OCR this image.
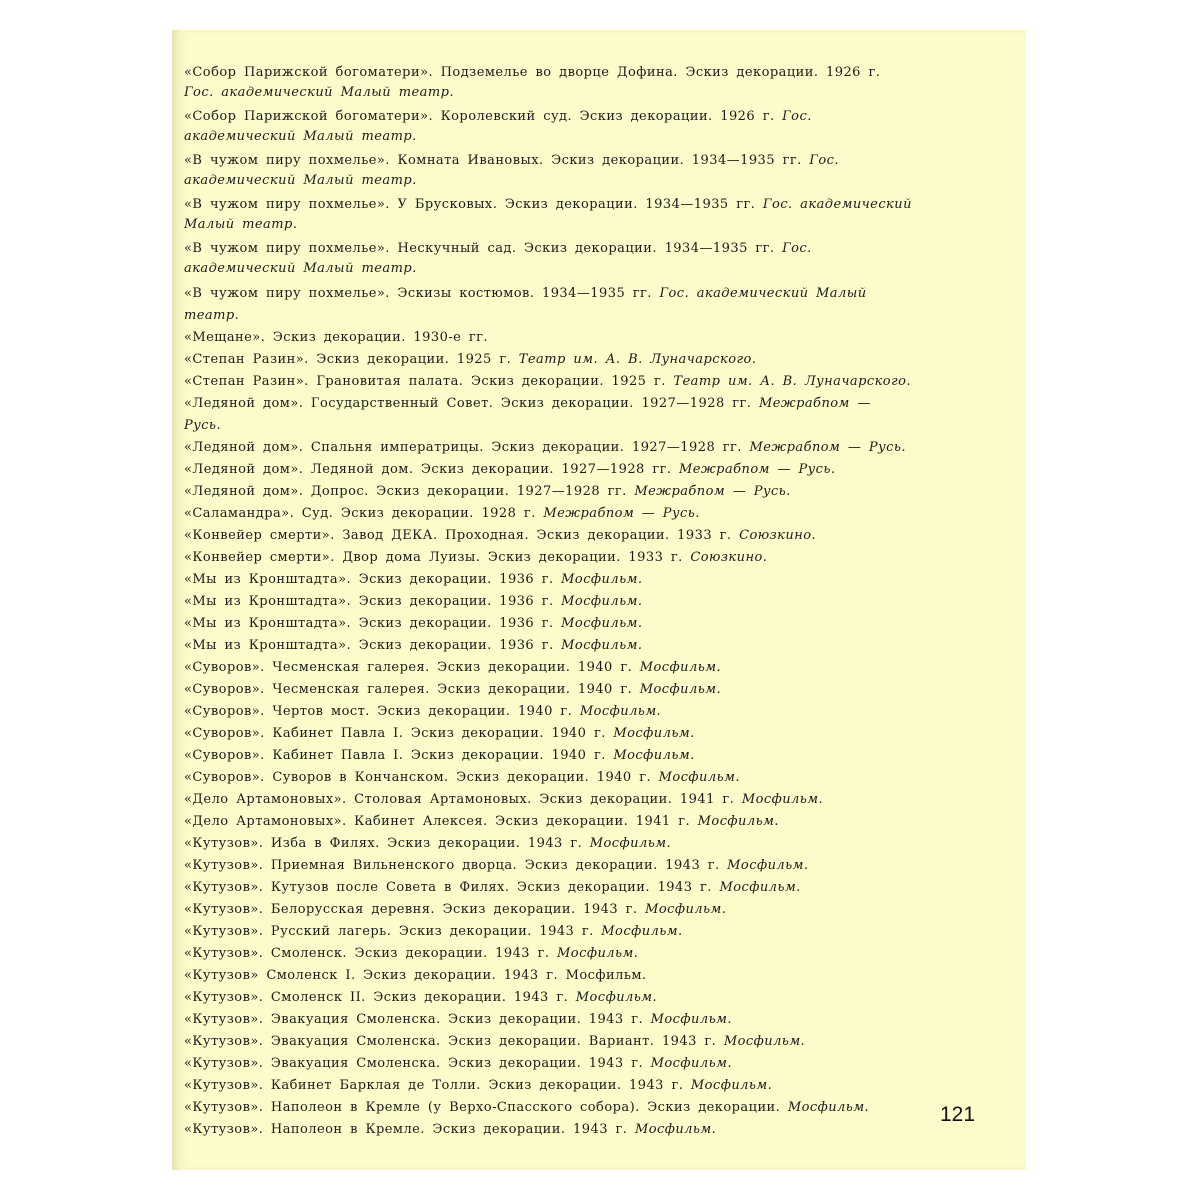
«Собор Парижской богоматери». Подземелье во дворце Дофина. Эскиз декорации. 1926 г. Гос. академический Малый театр.
«Собор Парижской богоматери». Королевский суд. Эскиз декорации. 1926 г. Гос. академический Малый театр.
«В чужом пиру похмелье». Комната Ивановых. Эскиз декорации. 1934—1935 гг. Гос. академический Малый театр.
«В чужом пиру похмелье». У Брусковых. Эскиз декорации. 1934—1935 гг. Гос. академический Малый театр.
«В чужом пиру похмелье». Нескучный сад. Эскиз декорации. 1934—1935 гг. Гос. академический Малый театр.
«В чужом пиру похмелье». Эскизы костюмов. 1934—1935 гг. Гос. академический Малый театр.
«Мещане». Эскиз декорации. 1930-е гг.
«Степан Разин». Эскиз декорации. 1925 г. Театр им. А. В. Луначарского.
«Степан Разин». Грановитая палата. Эскиз декорации. 1925 г. Театр им. А. В. Луначарского.
«Ледяной дом». Государственный Совет. Эскиз декорации. 1927—1928 гг. Межрабпом — Русь.
«Ледяной дом». Спальня императрицы. Эскиз декорации. 1927—1928 гг. Межрабпом — Русь.
«Ледяной дом». Ледяной дом. Эскиз декорации. 1927—1928 гг. Межрабпом — Русь.
«Ледяной дом». Допрос. Эскиз декорации. 1927—1928 гг. Межрабпом — Русь.
«Саламандра». Суд. Эскиз декорации. 1928 г. Межрабпом — Русь.
«Конвейер смерти». Завод ДЕКА. Проходная. Эскиз декорации. 1933 г. Союзкино.
«Конвейер смерти». Двор дома Луизы. Эскиз декорации. 1933 г. Союзкино.
«Мы из Кронштадта». Эскиз декорации. 1936 г. Мосфильм.
«Мы из Кронштадта». Эскиз декорации. 1936 г. Мосфильм.
«Мы из Кронштадта». Эскиз декорации. 1936 г. Мосфильм.
«Мы из Кронштадта». Эскиз декорации. 1936 г. Мосфильм.
«Суворов». Чесменская галерея. Эскиз декорации. 1940 г. Мосфильм.
«Суворов». Чесменская галерея. Эскиз декорации. 1940 г. Мосфильм.
«Суворов». Чертов мост. Эскиз декорации. 1940 г. Мосфильм.
«Суворов». Кабинет Павла I. Эскиз декорации. 1940 г. Мосфильм.
«Суворов». Кабинет Павла I. Эскиз декорации. 1940 г. Мосфильм.
«Суворов». Суворов в Кончанском. Эскиз декорации. 1940 г. Мосфильм.
«Дело Артамоновых». Столовая Артамоновых. Эскиз декорации. 1941 г. Мосфильм.
«Дело Артамоновых». Кабинет Алексея. Эскиз декорации. 1941 г. Мосфильм.
«Кутузов». Изба в Филях. Эскиз декорации. 1943 г. Мосфильм.
«Кутузов». Приемная Вильненского дворца. Эскиз декорации. 1943 г. Мосфильм.
«Кутузов». Кутузов после Совета в Филях. Эскиз декорации. 1943 г. Мосфильм.
«Кутузов». Белорусская деревня. Эскиз декорации. 1943 г. Мосфильм.
«Кутузов». Русский лагерь. Эскиз декорации. 1943 г. Мосфильм.
«Кутузов». Смоленск. Эскиз декорации. 1943 г. Мосфильм.
«Кутузов» Смоленск I. Эскиз декорации. 1943 г. Мосфильм.
«Кутузов». Смоленск II. Эскиз декорации. 1943 г. Мосфильм.
«Кутузов». Эвакуация Смоленска. Эскиз декорации. 1943 г. Мосфильм.
«Кутузов». Эвакуация Смоленска. Эскиз декорации. Вариант. 1943 г. Мосфильм.
«Кутузов». Эвакуация Смоленска. Эскиз декорации. 1943 г. Мосфильм.
«Кутузов». Кабинет Барклая де Толли. Эскиз декорации. 1943 г. Мосфильм.
«Кутузов». Наполеон в Кремле (у Верхо-Спасского собора). Эскиз декорации. Мосфильм.
«Кутузов». Наполеон в Кремле. Эскиз декорации. 1943 г. Мосфильм.
121
